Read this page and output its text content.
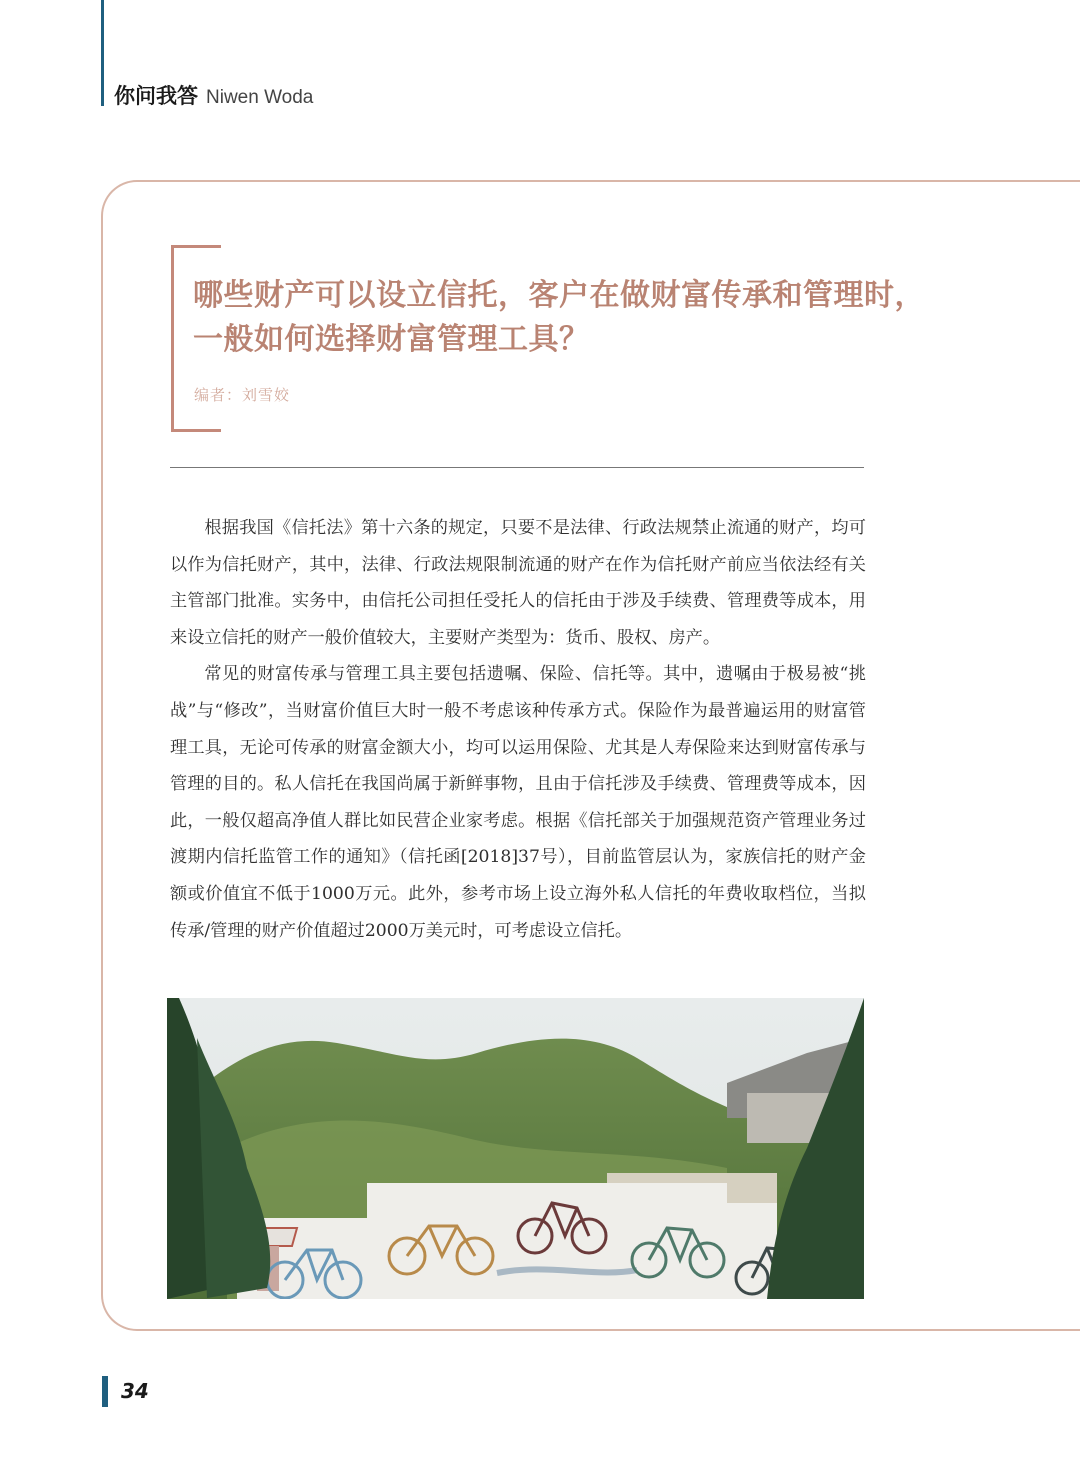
你问我答 Niwen Woda
哪些财产可以设立信托，客户在做财富传承和管理时，一般如何选择财富管理工具？
编者：刘雪姣

根据我国《信托法》第十六条的规定，只要不是法律、行政法规禁止流通的财产，均可以作为信托财产，其中，法律、行政法规限制流通的财产在作为信托财产前应当依法经有关主管部门批准。实务中，由信托公司担任受托人的信托由于涉及手续费、管理费等成本，用来设立信托的财产一般价值较大，主要财产类型为：货币、股权、房产。

常见的财富传承与管理工具主要包括遗嘱、保险、信托等。其中，遗嘱由于极易被“挑战”与“修改”，当财富价值巨大时一般不考虑该种传承方式。保险作为最普遍运用的财富管理工具，无论可传承的财富金额大小，均可以运用保险、尤其是人寿保险来达到财富传承与管理的目的。私人信托在我国尚属于新鲜事物，且由于信托涉及手续费、管理费等成本，因此，一般仅超高净值人群比如民营企业家考虑。根据《信托部关于加强规范资产管理业务过渡期内信托监管工作的通知》（信托函[2018]37号），目前监管层认为，家族信托的财产金额或价值宜不低于1000万元。此外，参考市场上设立海外私人信托的年费收取档位，当拟传承/管理的财产价值超过2000万美元时，可考虑设立信托。

34
